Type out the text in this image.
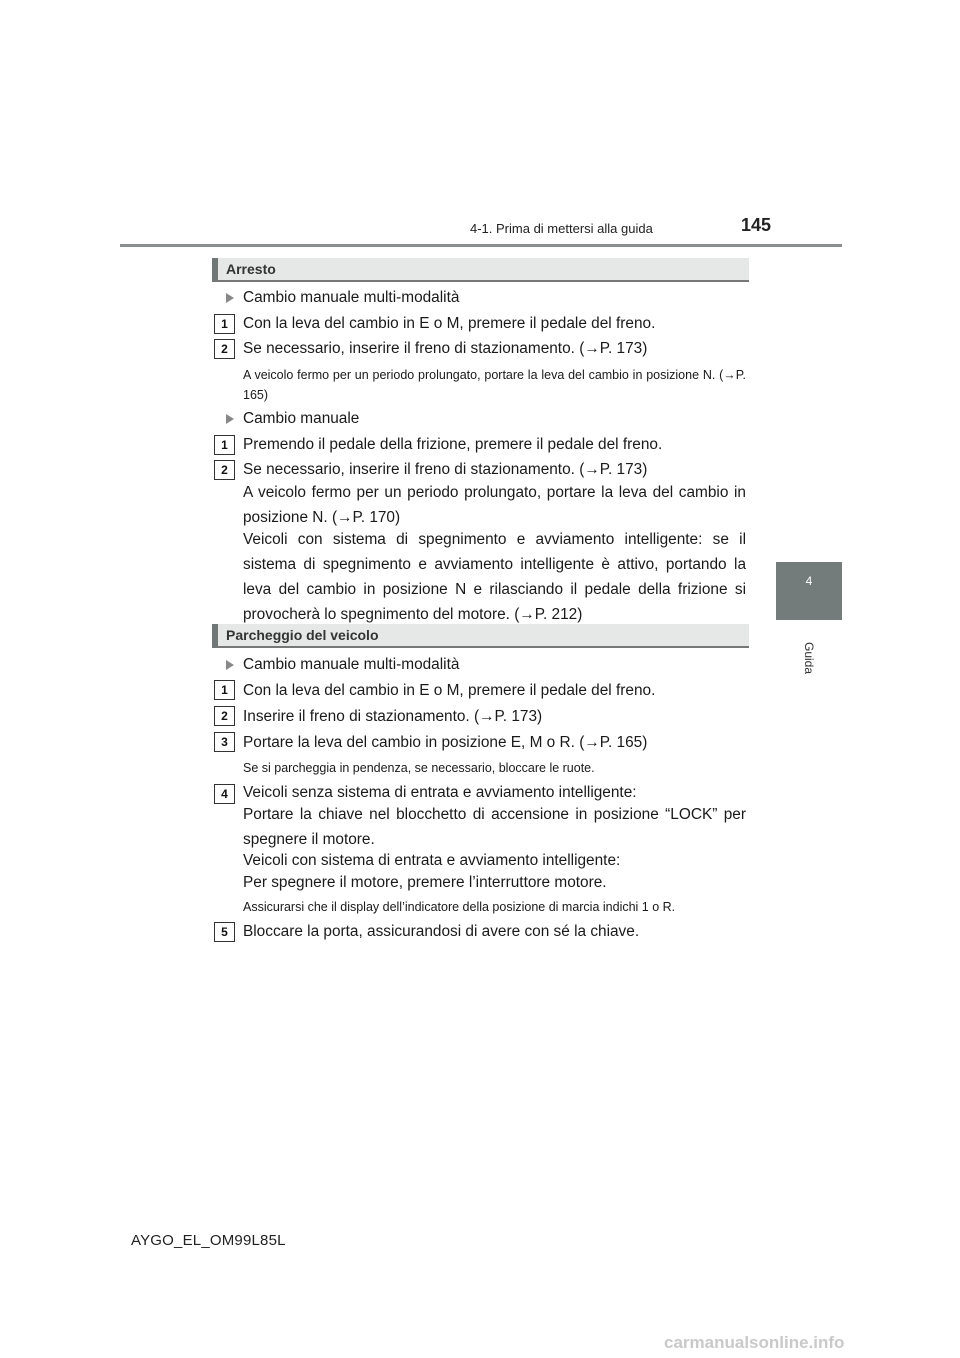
4-1. Prima di mettersi alla guida	145
4
Guida
Arresto
Cambio manuale multi-modalità
1 Con la leva del cambio in E o M, premere il pedale del freno.
2 Se necessario, inserire il freno di stazionamento. (→P. 173)
A veicolo fermo per un periodo prolungato, portare la leva del cambio in posizione N. (→P. 165)
Cambio manuale
1 Premendo il pedale della frizione, premere il pedale del freno.
2 Se necessario, inserire il freno di stazionamento. (→P. 173)
A veicolo fermo per un periodo prolungato, portare la leva del cambio in posizione N. (→P. 170)
Veicoli con sistema di spegnimento e avviamento intelligente: se il sistema di spegnimento e avviamento intelligente è attivo, portando la leva del cambio in posizione N e rilasciando il pedale della frizione si provocherà lo spegnimento del motore. (→P. 212)
Parcheggio del veicolo
Cambio manuale multi-modalità
1 Con la leva del cambio in E o M, premere il pedale del freno.
2 Inserire il freno di stazionamento. (→P. 173)
3 Portare la leva del cambio in posizione E, M o R. (→P. 165)
Se si parcheggia in pendenza, se necessario, bloccare le ruote.
4 Veicoli senza sistema di entrata e avviamento intelligente:
Portare la chiave nel blocchetto di accensione in posizione “LOCK” per spegnere il motore.
Veicoli con sistema di entrata e avviamento intelligente:
Per spegnere il motore, premere l’interruttore motore.
Assicurarsi che il display dell’indicatore della posizione di marcia indichi 1 o R.
5 Bloccare la porta, assicurandosi di avere con sé la chiave.
AYGO_EL_OM99L85L
carmanualsonline.info
